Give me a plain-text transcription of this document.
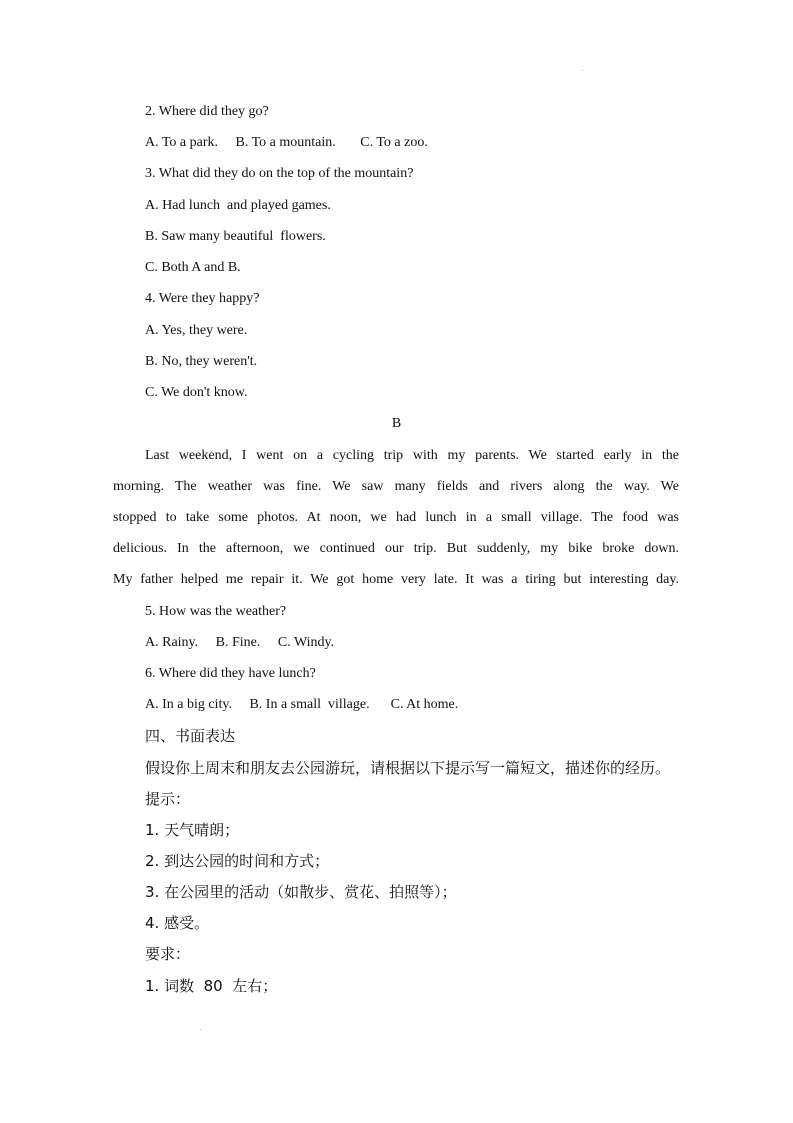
2. Where did they go?
A. To a park.     B. To a mountain.       C. To a zoo.
3. What did they do on the top of the mountain?
A. Had lunch  and played games.
B. Saw many beautiful  flowers.
C. Both A and B.
4. Were they happy?
A. Yes, they were.
B. No, they weren't.
C. We don't know.
B
Last weekend, I went on a cycling trip with my parents. We started early in the
morning. The weather was fine. We saw many fields and rivers along the way. We
stopped to take some photos. At noon, we had lunch in a small village. The food was
delicious. In the afternoon, we continued our trip. But suddenly, my bike broke down.
My father helped me repair it. We got home very late. It was a tiring but interesting day.
5. How was the weather?
A. Rainy.     B. Fine.     C. Windy.
6. Where did they have lunch?
A. In a big city.     B. In a small  village.      C. At home.
四、书面表达
假设你上周末和朋友去公园游玩，请根据以下提示写一篇短文，描述你的经历。
提示：
1. 天气晴朗；
2. 到达公园的时间和方式；
3. 在公园里的活动（如散步、赏花、拍照等）；
4. 感受。
要求：
1. 词数  80  左右；
